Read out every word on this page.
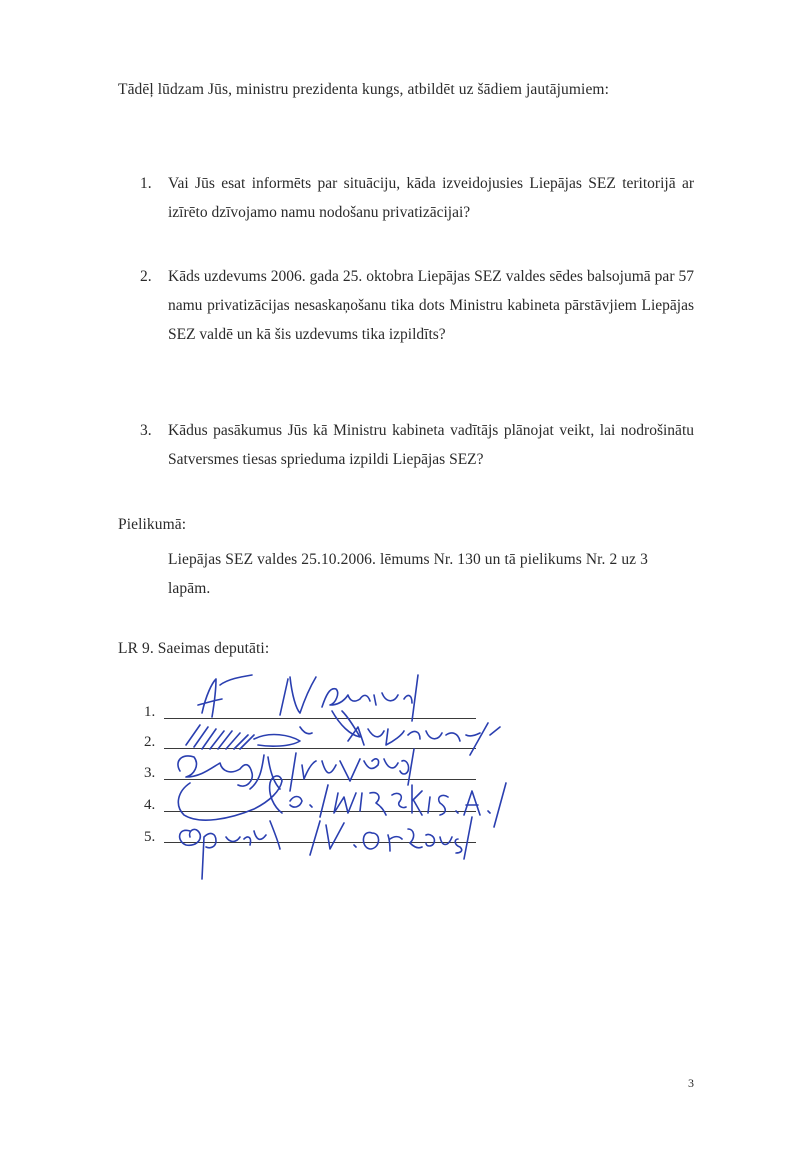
Tādēļ lūdzam Jūs, ministru prezidenta kungs, atbildēt uz šādiem jautājumiem:
1. Vai Jūs esat informēts par situāciju, kāda izveidojusies Liepājas SEZ teritorijā ar izīrēto dzīvojamo namu nodošanu privatizācijai?
2. Kāds uzdevums 2006. gada 25. oktobra Liepājas SEZ valdes sēdes balsojumā par 57 namu privatizācijas nesaskaņošanu tika dots Ministru kabineta pārstāvjiem Liepājas SEZ valdē un kā šis uzdevums tika izpildīts?
3. Kādus pasākumus Jūs kā Ministru kabineta vadītājs plānojat veikt, lai nodrošinātu Satversmes tiesas sprieduma izpildi Liepājas SEZ?
Pielikumā:
Liepājas SEZ valdes 25.10.2006. lēmums Nr. 130 un tā pielikums Nr. 2 uz 3 lapām.
LR 9. Saeimas deputāti:
1.
2.
3.
4.
5.
3
